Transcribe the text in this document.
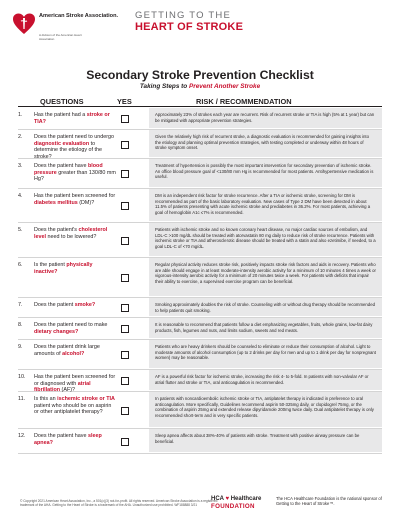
American Stroke Association.
A division of the American Heart Association
GETTING TO THE
HEART OF STROKE
Secondary Stroke Prevention Checklist
Taking Steps to Prevent Another Stroke
QUESTIONS	YES	RISK / RECOMMENDATION
1.	Has the patient had a stroke or TIA?
Approximately 23% of strokes each year are recurrent. Risk of recurrent stroke or TIA is high (5% at 1 year) but can be mitigated with appropriate prevention strategies.
2.	Does the patient need to undergo diagnostic evaluation to determine the etiology of the stroke?
Given the relatively high risk of recurrent stroke, a diagnostic evaluation is recommended for gaining insights into the etiology and planning optimal prevention strategies, with testing completed or underway within 48 hours of stroke symptom onset.
3.	Does the patient have blood pressure greater than 130/80 mm Hg?
Treatment of hypertension is possibly the most important intervention for secondary prevention of ischemic stroke. An office blood pressure goal of <130/80 mm Hg is recommended for most patients. Antihypertensive medication is useful.
4.	Has the patient been screened for diabetes mellitus (DM)?
DM is an independent risk factor for stroke recurrence. After a TIA or ischemic stroke, screening for DM is recommended as part of the basic laboratory evaluation. New cases of Type 2 DM have been detected in about 11.5% of patients presenting with acute ischemic stroke and prediabetes in 36.2%. For most patients, achieving a goal of hemoglobin A1c ≤7% is recommended.
5.	Does the patient's cholesterol level need to be lowered?
Patients with ischemic stroke and no known coronary heart disease, no major cardiac sources of embolism, and LDL-C >100 mg/dL should be treated with atorvastatin 80 mg daily to reduce risk of stroke recurrence. Patients with ischemic stroke or TIA and atherosclerotic disease should be treated with a statin and also ezetimibe, if needed, to a goal LDL-C of <70 mg/dL.
6.	Is the patient physically inactive?
Regular physical activity reduces stroke risk, positively impacts stroke risk factors and aids in recovery. Patients who are able should engage in at least moderate-intensity aerobic activity for a minimum of 10 minutes 4 times a week or vigorous-intensity aerobic activity for a minimum of 20 minutes twice a week. For patients with deficits that impair their ability to exercise, a supervised exercise program can be beneficial.
7.	Does the patient smoke?	Smoking approximately doubles the risk of stroke. Counseling with or without drug therapy should be recommended to help patients quit smoking.
8.	Does the patient need to make dietary changes?
It is reasonable to recommend that patients follow a diet emphasizing vegetables, fruits, whole grains, low-fat dairy products, fish, legumes and nuts, and limits sodium, sweets and red meats.
9.	Does the patient drink large amounts of alcohol?
Patients who are heavy drinkers should be counseled to eliminate or reduce their consumption of alcohol. Light to moderate amounts of alcohol consumption (up to 2 drinks per day for men and up to 1 drink per day for nonpregnant women) may be reasonable.
10.	Has the patient been screened for or diagnosed with atrial fibrillation (AF)?
AF is a powerful risk factor for ischemic stroke, increasing the risk 4- to 5-fold. In patients with non-valvular AF or atrial flutter and stroke or TIA, oral anticoagulation is recommended.
11.	Is this an ischemic stroke or TIA patient who should be on aspirin or other antiplatelet therapy?
In patients with noncardioembolic ischemic stroke or TIA, antiplatelet therapy is indicated in preference to oral anticoagulation. More specifically, Guidelines recommend aspirin 50-325mg daily, or clopidogrel 75mg, or the combination of aspirin 25mg and extended release dipyridamole 200mg twice daily. Dual antiplatelet therapy is only recommended short-term and in very specific patients.
12.	Does the patient have sleep apnea?
Sleep apnea affects about 38%-40% of patients with stroke. Treatment with positive airway pressure can be beneficial.
© Copyright 2021 American Heart Association, Inc., a 501(c)(3) not-for-profit. All rights reserved. American Stroke Association is a registered trademark of the AHA. Getting to the Heart of Stroke is a trademark of the AHA. Unauthorized use prohibited. WF188888 3/21
HCA ♥ Healthcare
FOUNDATION
The HCA Healthcare Foundation is the national sponsor of Getting to the Heart of Stroke™.
